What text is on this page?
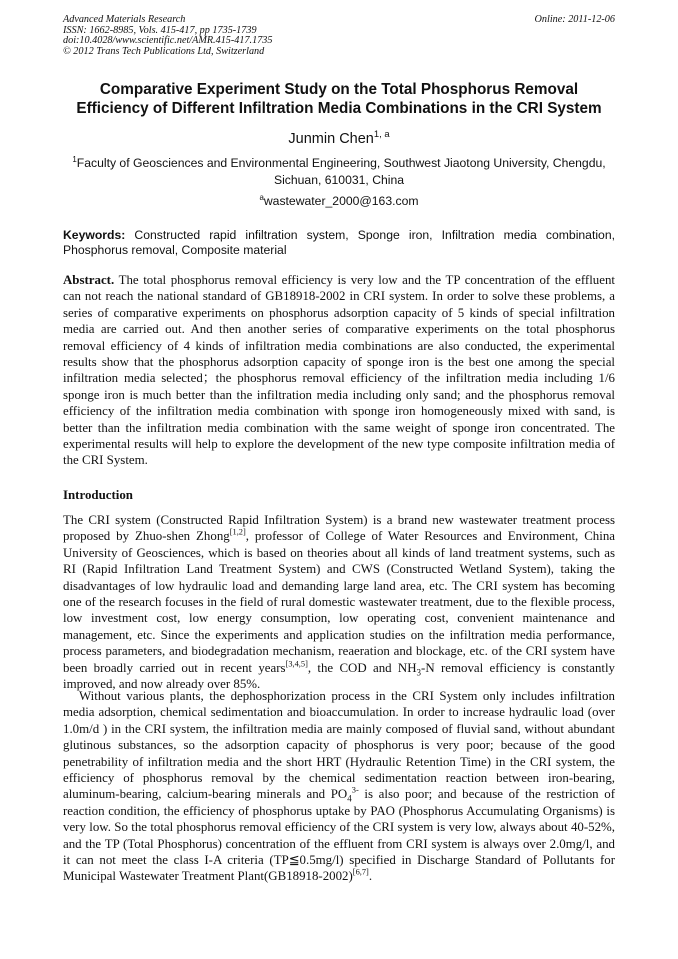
Advanced Materials Research
ISSN: 1662-8985, Vols. 415-417, pp 1735-1739
doi:10.4028/www.scientific.net/AMR.415-417.1735
© 2012 Trans Tech Publications Ltd, Switzerland
Online: 2011-12-06
Comparative Experiment Study on the Total Phosphorus Removal
Efficiency of Different Infiltration Media Combinations in the CRI System
Junmin Chen$^{1, a}$
$^1$Faculty of Geosciences and Environmental Engineering, Southwest Jiaotong University, Chengdu,
Sichuan, 610031, China
$^a$wastewater_2000@163.com

Keywords: Constructed rapid infiltration system, Sponge iron, Infiltration media combination, Phosphorus removal, Composite material

Abstract. The total phosphorus removal efficiency is very low and the TP concentration of the effluent can not reach the national standard of GB18918-2002 in CRI system. In order to solve these problems, a series of comparative experiments on phosphorus adsorption capacity of 5 kinds of special infiltration media are carried out. And then another series of comparative experiments on the total phosphorus removal efficiency of 4 kinds of infiltration media combinations are also conducted, the experimental results show that the phosphorus adsorption capacity of sponge iron is the best one among the special infiltration media selected；the phosphorus removal efficiency of the infiltration media including 1/6 sponge iron is much better than the infiltration media including only sand; and the phosphorus removal efficiency of the infiltration media combination with sponge iron homogeneously mixed with sand, is better than the infiltration media combination with the same weight of sponge iron concentrated. The experimental results will help to explore the development of the new type composite infiltration media of the CRI System.

Introduction

The CRI system (Constructed Rapid Infiltration System) is a brand new wastewater treatment process proposed by Zhuo-shen Zhong[1,2], professor of College of Water Resources and Environment, China University of Geosciences, which is based on theories about all kinds of land treatment systems, such as RI (Rapid Infiltration Land Treatment System) and CWS (Constructed Wetland System), taking the disadvantages of low hydraulic load and demanding large land area, etc. The CRI system has becoming one of the research focuses in the field of rural domestic wastewater treatment, due to the flexible process, low investment cost, low energy consumption, low operating cost, convenient maintenance and management, etc. Since the experiments and application studies on the infiltration media performance, process parameters, and biodegradation mechanism, reaeration and blockage, etc. of the CRI system have been broadly carried out in recent years[3,4,5], the COD and $NH_3-N$ removal efficiency is constantly improved, and now already over 85%.

Without various plants, the dephosphorization process in the CRI System only includes infiltration media adsorption, chemical sedimentation and bioaccumulation. In order to increase hydraulic load (over 1.0m/d ) in the CRI system, the infiltration media are mainly composed of fluvial sand, without abundant glutinous substances, so the adsorption capacity of phosphorus is very poor; because of the good penetrability of infiltration media and the short HRT (Hydraulic Retention Time) in the CRI system, the efficiency of phosphorus removal by the chemical sedimentation reaction between iron-bearing, aluminum-bearing, calcium-bearing minerals and $PO_4^{3-}$ is also poor; and because of the restriction of reaction condition, the efficiency of phosphorus uptake by PAO (Phosphorus Accumulating Organisms) is very low. So the total phosphorus removal efficiency of the CRI system is very low, always about 40-52%, and the TP (Total Phosphorus) concentration of the effluent from CRI system is always over 2.0mg/l, and it can not meet the class I-A criteria (TP≦0.5mg/l) specified in Discharge Standard of Pollutants for Municipal Wastewater Treatment Plant(GB18918-2002)[6,7].
